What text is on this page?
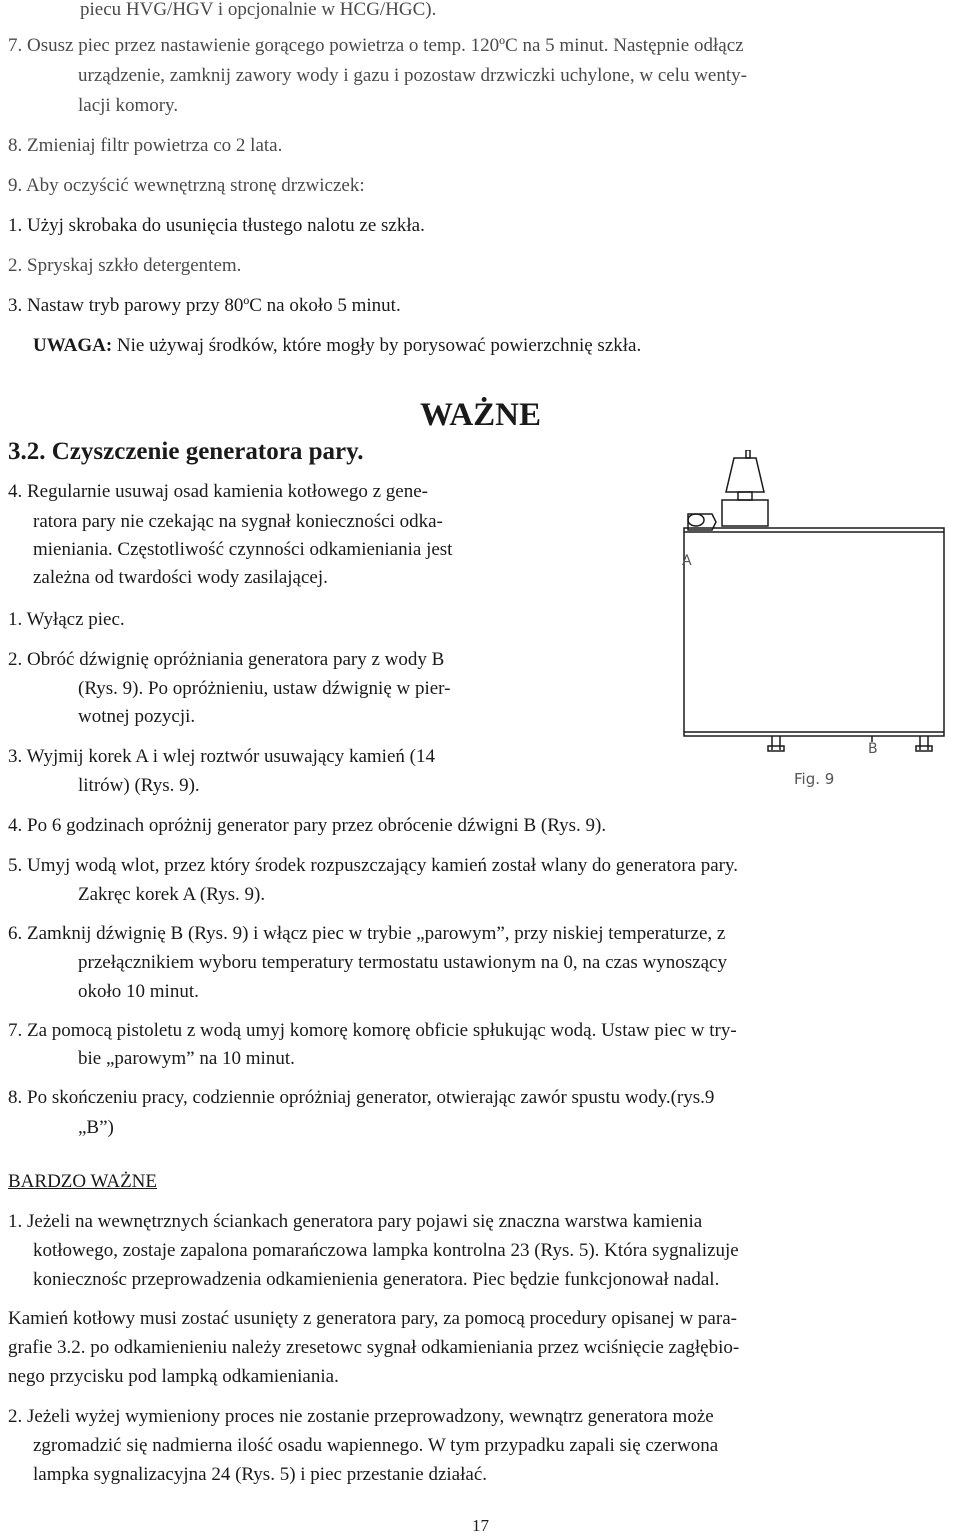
piecu HVG/HGV i opcjonalnie w HCG/HGC).
7. Osusz piec przez nastawienie gorącego powietrza o temp. 120ºC na 5 minut. Następnie odłącz
urządzenie, zamknij zawory wody i gazu i pozostaw drzwiczki uchylone, w celu wenty-
lacji komory.
8. Zmieniaj filtr powietrza co 2 lata.
9. Aby oczyścić wewnętrzną stronę drzwiczek:
1. Użyj skrobaka do usunięcia tłustego nalotu ze szkła.
2. Spryskaj szkło detergentem.
3. Nastaw tryb parowy przy 80ºC na około 5 minut.
UWAGA: Nie używaj środków, które mogły by porysować powierzchnię szkła.
WAŻNE
3.2. Czyszczenie generatora pary.
4. Regularnie usuwaj osad kamienia kotłowego z gene-
ratora pary nie czekając na sygnał konieczności odka-
mieniania. Częstotliwość czynności odkamieniania jest
zależna od twardości wody zasilającej.
1. Wyłącz piec.
2. Obróć dźwignię opróżniania generatora pary z wody B
(Rys. 9). Po opróżnieniu, ustaw dźwignię w pier-
wotnej pozycji.
3. Wyjmij korek A i wlej roztwór usuwający kamień (14
litrów) (Rys. 9).
4. Po 6 godzinach opróżnij generator pary przez obrócenie dźwigni B (Rys. 9).
5. Umyj wodą wlot, przez który środek rozpuszczający kamień został wlany do generatora pary.
Zakręc korek A (Rys. 9).
6. Zamknij dźwignię B (Rys. 9) i włącz piec w trybie „parowym”, przy niskiej temperaturze, z
przełącznikiem wyboru temperatury termostatu ustawionym na 0, na czas wynoszący
około 10 minut.
7. Za pomocą pistoletu z wodą umyj komorę komorę obficie spłukując wodą. Ustaw piec w try-
bie „parowym” na 10 minut.
8. Po skończeniu pracy, codziennie opróżniaj generator, otwierając zawór spustu wody.(rys.9
„B”)
A
B
Fig. 9
BARDZO WAŻNE
1. Jeżeli na wewnętrznych ściankach generatora pary pojawi się znaczna warstwa kamienia
kotłowego, zostaje zapalona pomarańczowa lampka kontrolna 23 (Rys. 5). Która sygnalizuje
koniecznośc przeprowadzenia odkamienienia generatora. Piec będzie funkcjonował nadal.
Kamień kotłowy musi zostać usunięty z generatora pary, za pomocą procedury opisanej w para-
grafie 3.2. po odkamienieniu należy zresetowc sygnał odkamieniania przez wciśnięcie zagłębio-
nego przycisku pod lampką odkamieniania.
2. Jeżeli wyżej wymieniony proces nie zostanie przeprowadzony, wewnątrz generatora może
zgromadzić się nadmierna ilość osadu wapiennego. W tym przypadku zapali się czerwona
lampka sygnalizacyjna 24 (Rys. 5) i piec przestanie działać.
17
